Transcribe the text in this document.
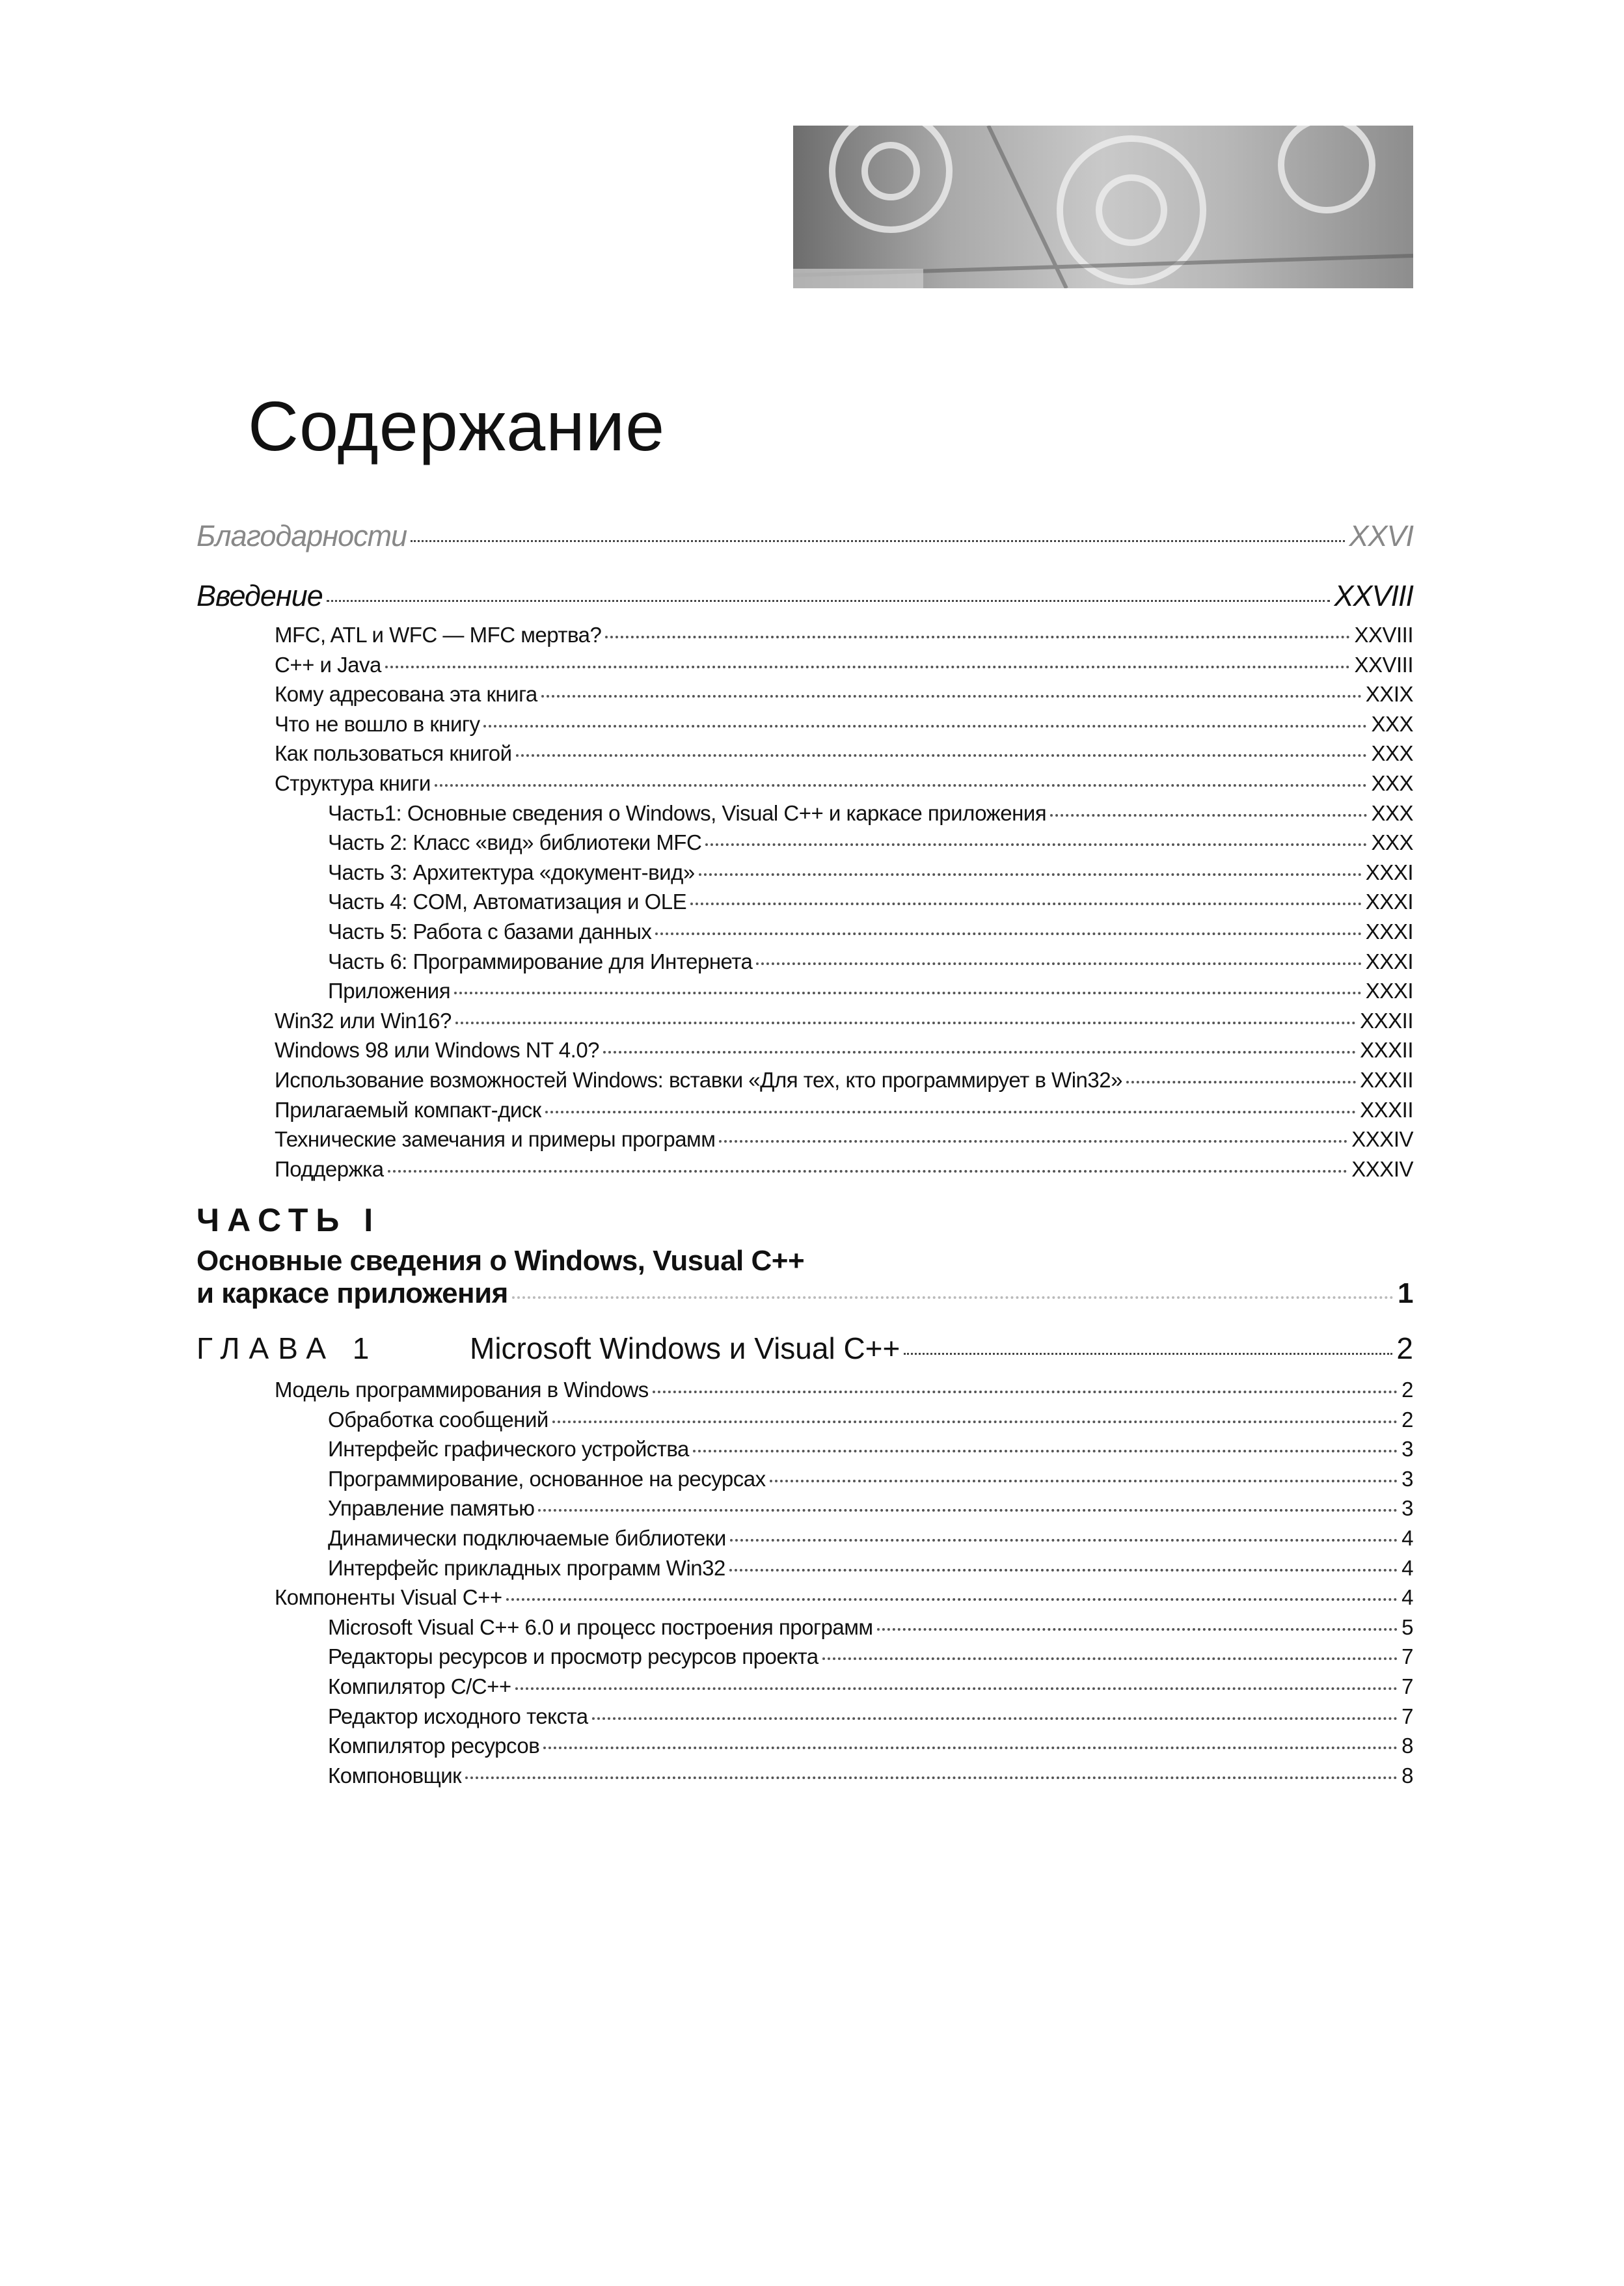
Содержание
Благодарности	XXVI
Введение	XXVIII
MFC, ATL и WFC — MFC мертва?	XXVIII
C++ и Java	XXVIII
Кому адресована эта книга	XXIX
Что не вошло в книгу	XXX
Как пользоваться книгой	XXX
Структура книги	XXX
Часть1: Основные сведения о Windows, Visual C++ и каркасе приложения	XXX
Часть 2: Класс «вид» библиотеки MFC	XXX
Часть 3: Архитектура «документ-вид»	XXXI
Часть 4: COM, Автоматизация и OLE	XXXI
Часть 5: Работа с базами данных	XXXI
Часть 6: Программирование для Интернета	XXXI
Приложения	XXXI
Win32 или Win16?	XXXII
Windows 98 или Windows NT 4.0?	XXXII
Использование возможностей Windows: вставки «Для тех, кто программирует в Win32»	XXXII
Прилагаемый компакт-диск	XXXII
Технические замечания и примеры программ	XXXIV
Поддержка	XXXIV
ЧАСТЬ I
Основные сведения о Windows, Vusual C++
и каркасе приложения	1
ГЛАВА 1	Microsoft Windows и Visual C++	2
Модель программирования в Windows	2
Обработка сообщений	2
Интерфейс графического устройства	3
Программирование, основанное на ресурсах	3
Управление памятью	3
Динамически подключаемые библиотеки	4
Интерфейс прикладных программ Win32	4
Компоненты Visual C++	4
Microsoft Visual C++ 6.0 и процесс построения программ	5
Редакторы ресурсов и просмотр ресурсов проекта	7
Компилятор C/C++	7
Редактор исходного текста	7
Компилятор ресурсов	8
Компоновщик	8
